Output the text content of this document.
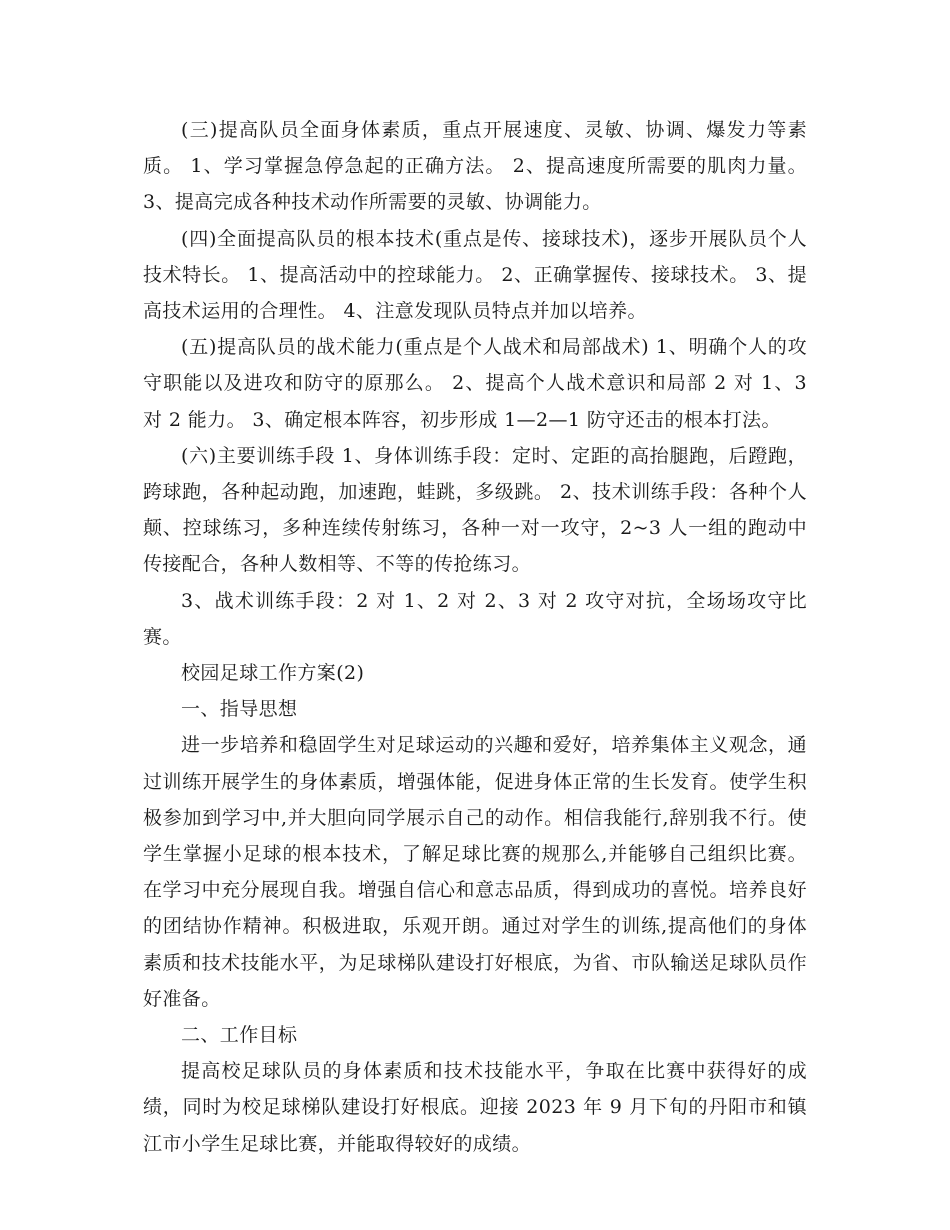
(三)提高队员全面身体素质，重点开展速度、灵敏、协调、爆发力等素质。 1、学习掌握急停急起的正确方法。 2、提高速度所需要的肌肉力量。 3、提高完成各种技术动作所需要的灵敏、协调能力。

(四)全面提高队员的根本技术(重点是传、接球技术)，逐步开展队员个人技术特长。 1、提高活动中的控球能力。 2、正确掌握传、接球技术。 3、提高技术运用的合理性。 4、注意发现队员特点并加以培养。

(五)提高队员的战术能力(重点是个人战术和局部战术) 1、明确个人的攻守职能以及进攻和防守的原那么。 2、提高个人战术意识和局部 2 对 1、3 对 2 能力。 3、确定根本阵容，初步形成 1—2—1 防守还击的根本打法。

(六)主要训练手段 1、身体训练手段：定时、定距的高抬腿跑，后蹬跑，跨球跑，各种起动跑，加速跑，蛙跳，多级跳。 2、技术训练手段：各种个人颠、控球练习，多种连续传射练习，各种一对一攻守，2~3 人一组的跑动中传接配合，各种人数相等、不等的传抢练习。

3、战术训练手段：2 对 1、2 对 2、3 对 2 攻守对抗，全场场攻守比赛。

校园足球工作方案(2)

一、指导思想

进一步培养和稳固学生对足球运动的兴趣和爱好，培养集体主义观念，通过训练开展学生的身体素质，增强体能，促进身体正常的生长发育。使学生积极参加到学习中,并大胆向同学展示自己的动作。相信我能行,辞别我不行。使学生掌握小足球的根本技术，了解足球比赛的规那么,并能够自己组织比赛。在学习中充分展现自我。增强自信心和意志品质，得到成功的喜悦。培养良好的团结协作精神。积极进取，乐观开朗。通过对学生的训练,提高他们的身体素质和技术技能水平，为足球梯队建设打好根底，为省、市队输送足球队员作好准备。

二、工作目标

提高校足球队员的身体素质和技术技能水平，争取在比赛中获得好的成绩，同时为校足球梯队建设打好根底。迎接 2023 年 9 月下旬的丹阳市和镇江市小学生足球比赛，并能取得较好的成绩。
